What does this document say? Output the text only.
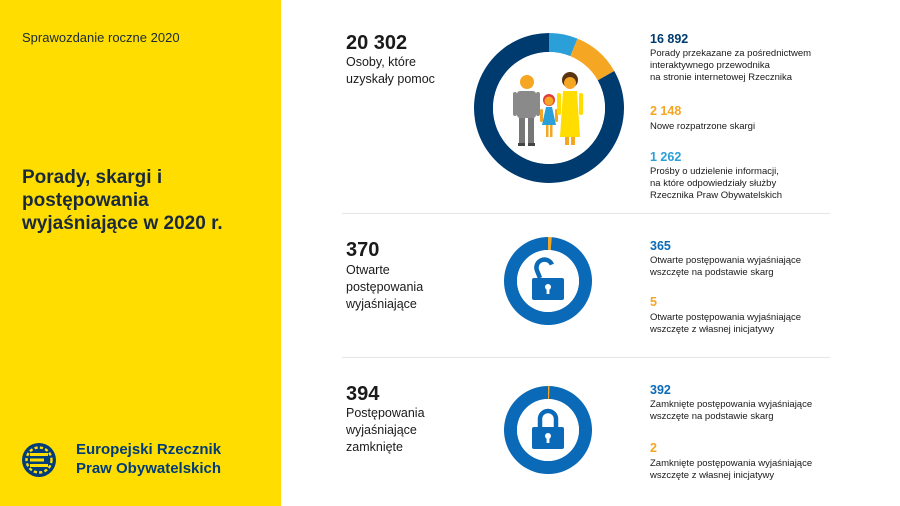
Sprawozdanie roczne 2020
Porady, skargi i
postępowania
wyjaśniające w 2020 r.
Europejski Rzecznik
Praw Obywatelskich
20 302
Osoby, które
uzyskały pomoc
16 892
Porady przekazane za pośrednictwem
interaktywnego przewodnika
na stronie internetowej Rzecznika
2 148
Nowe rozpatrzone skargi
1 262
Prośby o udzielenie informacji,
na które odpowiedziały służby
Rzecznika Praw Obywatelskich
370
Otwarte
postępowania
wyjaśniające
365
Otwarte postępowania wyjaśniające
wszczęte na podstawie skarg
5
Otwarte postępowania wyjaśniające
wszczęte z własnej inicjatywy
394
Postępowania
wyjaśniające
zamknięte
392
Zamknięte postępowania wyjaśniające
wszczęte na podstawie skarg
2
Zamknięte postępowania wyjaśniające
wszczęte z własnej inicjatywy
